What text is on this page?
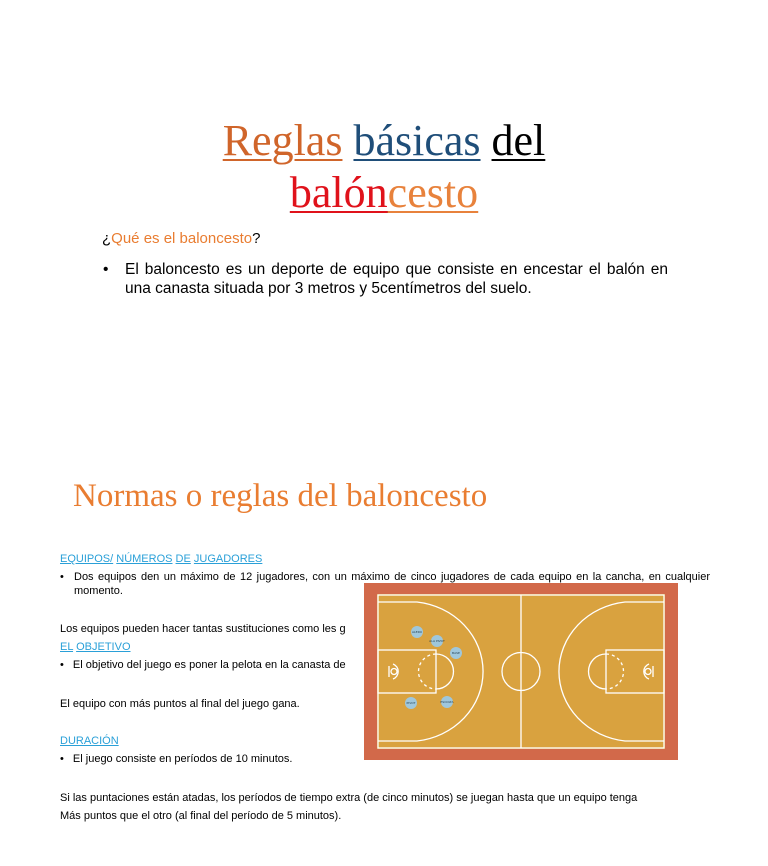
Reglas básicas del
balóncesto
¿Qué es el baloncesto?
• El baloncesto es un deporte de equipo que consiste en encestar el balón en una canasta situada por 3 metros y 5centímetros del suelo.
Normas o reglas del baloncesto
EQUIPOS/ NÚMEROS DE JUGADORES
• Dos equipos den un máximo de 12 jugadores, con un máximo de cinco jugadores de cada equipo en la cancha, en cualquier momento.
Los equipos pueden hacer tantas sustituciones como les g
EL OBJETIVO
• El objetivo del juego es poner la pelota en la canasta de
El equipo con más puntos al final del juego gana.
DURACIÓN
• El juego consiste en períodos de 10 minutos.
Si las puntaciones están atadas, los períodos de tiempo extra (de cinco minutos) se juegan hasta que un equipo tenga
Más puntos que el otro (al final del período de 5 minutos).
ALERO
ALA PIVOT
BASE
PIVOT	ESCOLTA
